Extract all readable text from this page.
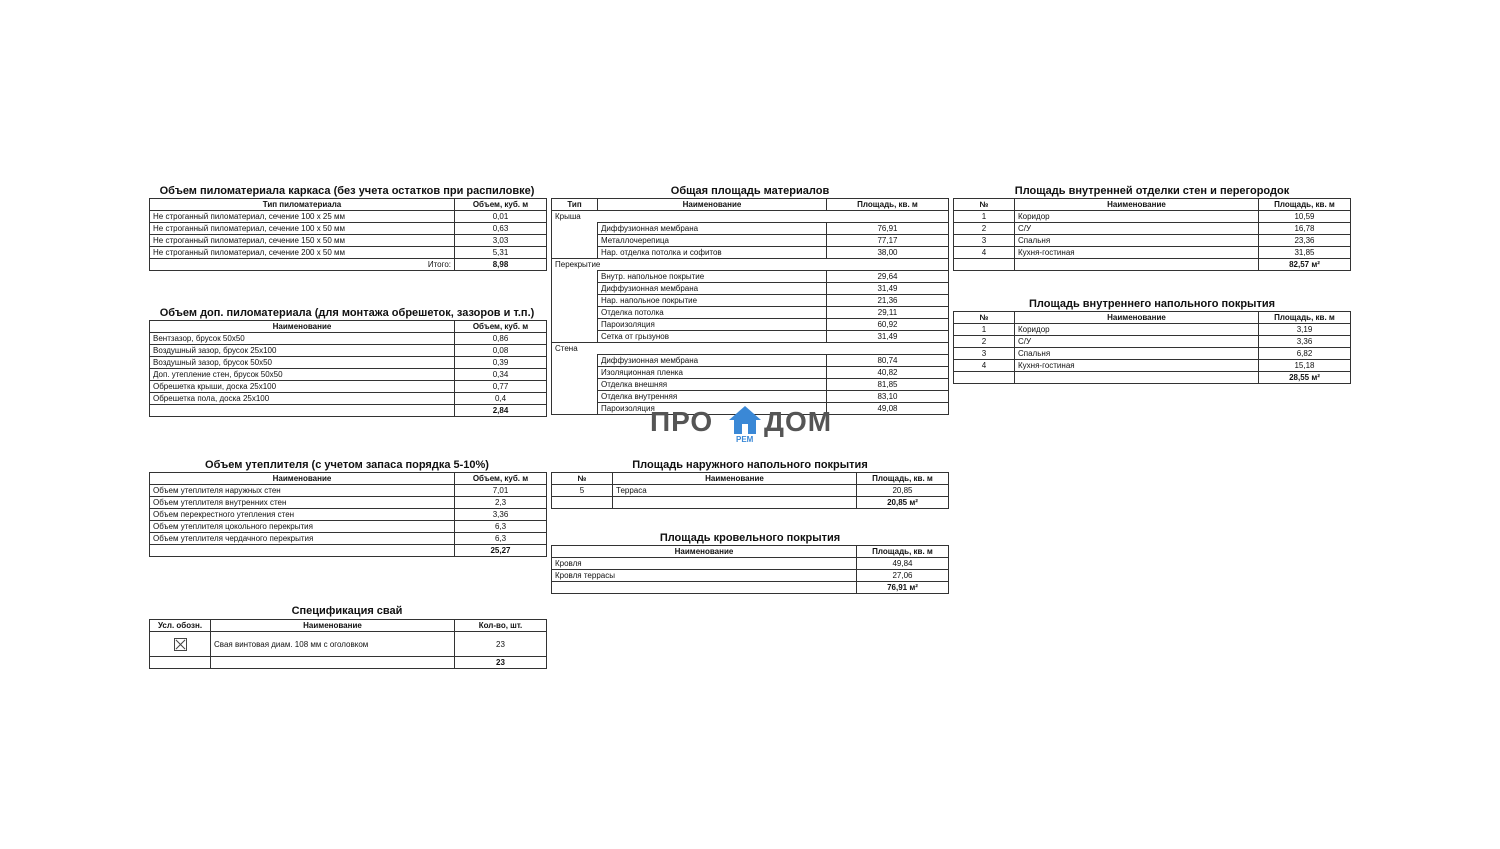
Объем пиломатериала каркаса (без учета остатков при распиловке)
Тип пиломатериала	Объем, куб. м
Не строганный пиломатериал, сечение 100 х 25 мм	0,01
Не строганный пиломатериал, сечение 100 х 50 мм	0,63
Не строганный пиломатериал, сечение 150 х 50 мм	3,03
Не строганный пиломатериал, сечение 200 х 50 мм	5,31
Итого:	8,98
Объем доп. пиломатериала (для монтажа обрешеток, зазоров и т.п.)
Наименование	Объем, куб. м
Вентзазор, брусок 50х50	0,86
Воздушный зазор, брусок 25х100	0,08
Воздушный зазор, брусок 50х50	0,39
Доп. утепление стен, брусок 50х50	0,34
Обрешетка крыши, доска 25х100	0,77
Обрешетка пола, доска 25х100	0,4
	2,84
Объем утеплителя (с учетом запаса порядка 5-10%)
Наименование	Объем, куб. м
Объем утеплителя наружных стен	7,01
Объем утеплителя внутренних стен	2,3
Объем перекрестного утепления стен	3,36
Объем утеплителя цокольного перекрытия	6,3
Объем утеплителя чердачного перекрытия	6,3
	25,27
Спецификация свай
Усл. обозн.	Наименование	Кол-во, шт.
	Свая винтовая диам. 108 мм с оголовком	23
		23
Общая площадь материалов
Тип	Наименование	Площадь, кв. м
Крыша		
	Диффузионная мембрана	76,91
	Металлочерепица	77,17
	Нар. отделка потолка и софитов	38,00
Перекрытие		
	Внутр. напольное покрытие	29,64
	Диффузионная мембрана	31,49
	Нар. напольное покрытие	21,36
	Отделка потолка	29,11
	Пароизоляция	60,92
	Сетка от грызунов	31,49
Стена		
	Диффузионная мембрана	80,74
	Изоляционная пленка	40,82
	Отделка внешняя	81,85
	Отделка внутренняя	83,10
	Пароизоляция	49,08
ПРО
РЕМ
ДОМ
Площадь наружного напольного покрытия
№	Наименование	Площадь, кв. м
5	Терраса	20,85
		20,85 м²
Площадь кровельного покрытия
Наименование	Площадь, кв. м
Кровля	49,84
Кровля террасы	27,06
	76,91 м²
Площадь внутренней отделки стен и перегородок
№	Наименование	Площадь, кв. м
1	Коридор	10,59
2	С/У	16,78
3	Спальня	23,36
4	Кухня-гостиная	31,85
		82,57 м²
Площадь внутреннего напольного покрытия
№	Наименование	Площадь, кв. м
1	Коридор	3,19
2	С/У	3,36
3	Спальня	6,82
4	Кухня-гостиная	15,18
		28,55 м²
